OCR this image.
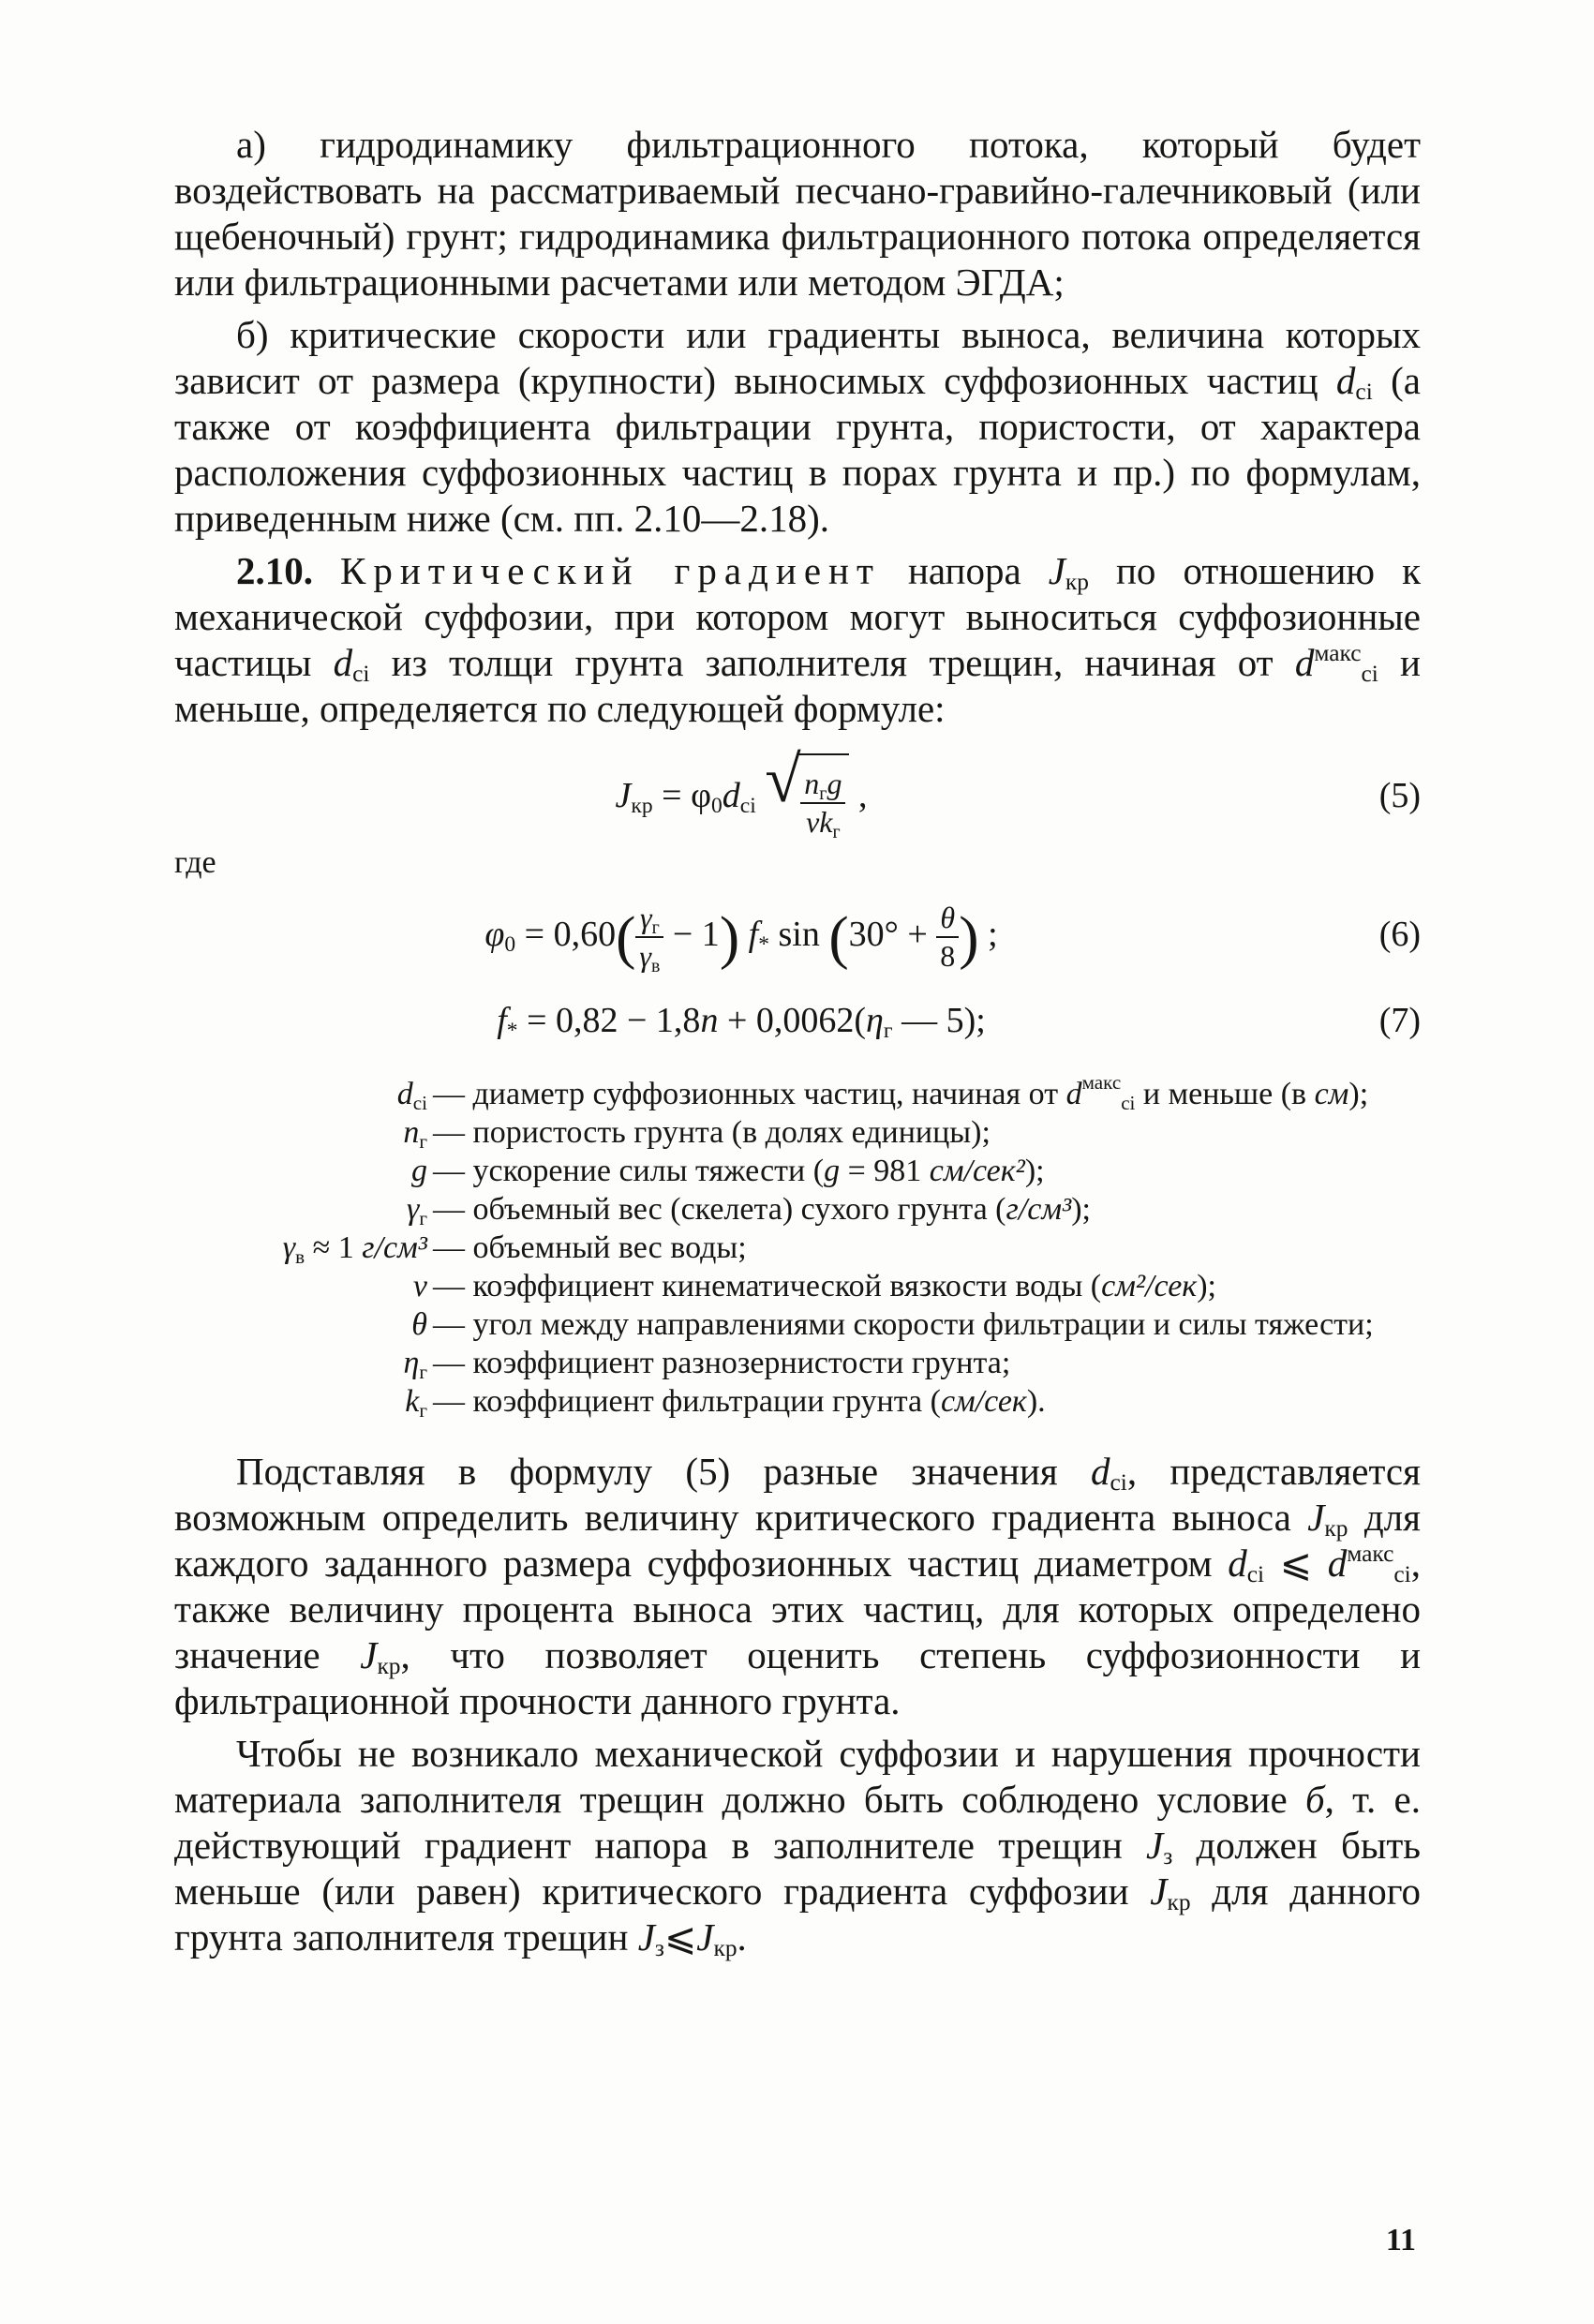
а) гидродинамику фильтрационного потока, который будет воздействовать на рассматриваемый песчано-гравийно-галечниковый (или щебеночный) грунт; гидродинамика фильтрационного потока определяется или фильтрационными расчетами или методом ЭГДА;

б) критические скорости или градиенты выноса, величина которых зависит от размера (крупности) выносимых суффозионных частиц $d_{ci}$ (а также от коэффициента фильтрации грунта, пористости, от характера расположения суффозионных частиц в порах грунта и пр.) по формулам, приведенным ниже (см. пп. 2.10—2.18).

2.10. Критический градиент напора $J_{кр}$ по отношению к механической суффозии, при котором могут выноситься суффозионные частицы $d_{ci}$ из толщи грунта заполнителя трещин, начиная от $d^{макс}_{ci}$ и меньше, определяется по следующей формуле:

$J_{кр} = \varphi_0d_{ci}$ √ $\frac{n_гg}{\nu k_г}$ ,	(5)
где
$\varphi_0 = 0,60( \frac{\gamma_г}{\gamma_в} - 1)$ $f_*$ $\sin (30^\circ + \frac{\theta}{8}$ ) ;	(6)
$f_* = 0,82 - 1,8n + 0,0062(\eta_г$ — 5);	(7)
$d_{ci}$ — диаметр суффозионных частиц, начиная от $d^{макс}_{ci}$ и меньше (в см);
$n_г$ — пористость грунта (в долях единицы);
g — ускорение силы тяжести (g = 981 см/сек²);
$\gamma_г$ — объемный вес (скелета) сухого грунта (г/см³);
$\gamma_в \approx 1$ г/см³ — объемный вес воды;
ν — коэффициент кинематической вязкости воды (см²/сек);
θ — угол между направлениями скорости фильтрации и силы тяжести;
$\eta_г$ — коэффициент разнозернистости грунта;
$k_г$ — коэффициент фильтрации грунта (см/сек).

Подставляя в формулу (5) разные значения $d_{ci}$, представляется возможным определить величину критического градиента выноса $J_{кр}$ для каждого заданного размера суффозионных частиц диаметром $d_{ci}$ ⩽ $d^{макс}_{ci}$, также величину процента выноса этих частиц, для которых определено значение $J_{кр}$, что позволяет оценить степень суффозионности и фильтрационной прочности данного грунта.

Чтобы не возникало механической суффозии и нарушения прочности материала заполнителя трещин должно быть соблюдено условие б, т. е. действующий градиент напора в заполнителе трещин $J_з$ должен быть меньше (или равен) критического градиента суффозии $J_{кр}$ для данного грунта заполнителя трещин $J_з⩽J_{кр}$.

11
